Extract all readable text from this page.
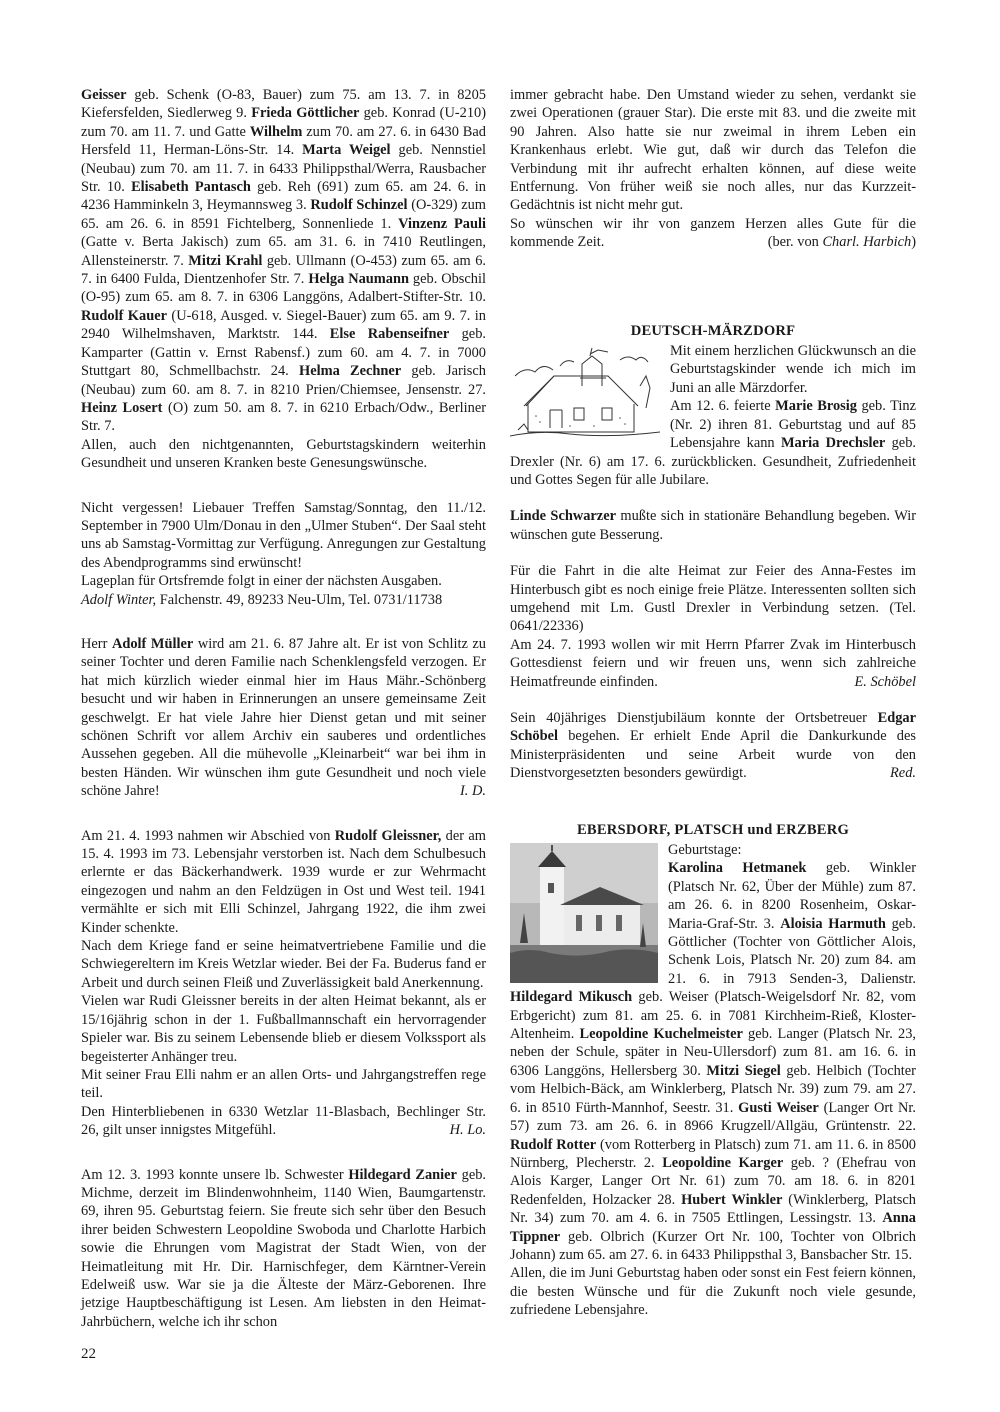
Geisser geb. Schenk (O-83, Bauer) zum 75. am 13. 7. in 8205 Kiefersfelden, Siedlerweg 9. Frieda Göttlicher geb. Konrad (U-210) zum 70. am 11. 7. und Gatte Wilhelm zum 70. am 27. 6. in 6430 Bad Hersfeld 11, Herman-Löns-Str. 14. Marta Weigel geb. Nennstiel (Neubau) zum 70. am 11. 7. in 6433 Philippsthal/Werra, Rausbacher Str. 10. Elisabeth Pantasch geb. Reh (691) zum 65. am 24. 6. in 4236 Hamminkeln 3, Heymannsweg 3. Rudolf Schinzel (O-329) zum 65. am 26. 6. in 8591 Fichtelberg, Sonnenliede 1. Vinzenz Pauli (Gatte v. Berta Jakisch) zum 65. am 31. 6. in 7410 Reutlingen, Allensteinerstr. 7. Mitzi Krahl geb. Ullmann (O-453) zum 65. am 6. 7. in 6400 Fulda, Dientzenhofer Str. 7. Helga Naumann geb. Obschil (O-95) zum 65. am 8. 7. in 6306 Langgöns, Adalbert-Stifter-Str. 10. Rudolf Kauer (U-618, Ausged. v. Siegel-Bauer) zum 65. am 9. 7. in 2940 Wilhelmshaven, Marktstr. 144. Else Rabenseifner geb. Kamparter (Gattin v. Ernst Rabensf.) zum 60. am 4. 7. in 7000 Stuttgart 80, Schmellbachstr. 24. Helma Zechner geb. Jarisch (Neubau) zum 60. am 8. 7. in 8210 Prien/Chiemsee, Jensenstr. 27. Heinz Losert (O) zum 50. am 8. 7. in 6210 Erbach/Odw., Berliner Str. 7.

Allen, auch den nichtgenannten, Geburtstagskindern weiterhin Gesundheit und unseren Kranken beste Genesungswünsche.

Nicht vergessen! Liebauer Treffen Samstag/Sonntag, den 11./12. September in 7900 Ulm/Donau in den „Ulmer Stuben“. Der Saal steht uns ab Samstag-Vormittag zur Verfügung. Anregungen zur Gestaltung des Abendprogramms sind erwünscht!

Lageplan für Ortsfremde folgt in einer der nächsten Ausgaben.

Adolf Winter, Falchenstr. 49, 89233 Neu-Ulm, Tel. 0731/11738

Herr Adolf Müller wird am 21. 6. 87 Jahre alt. Er ist von Schlitz zu seiner Tochter und deren Familie nach Schenklengsfeld verzogen. Er hat mich kürzlich wieder einmal hier im Haus Mähr.-Schönberg besucht und wir haben in Erinnerungen an unsere gemeinsame Zeit geschwelgt. Er hat viele Jahre hier Dienst getan und mit seiner schönen Schrift vor allem Archiv ein sauberes und ordentliches Aussehen gegeben. All die mühevolle „Kleinarbeit“ war bei ihm in besten Händen. Wir wünschen ihm gute Gesundheit und noch viele schöne Jahre!	I. D.

Am 21. 4. 1993 nahmen wir Abschied von Rudolf Gleissner, der am 15. 4. 1993 im 73. Lebensjahr verstorben ist. Nach dem Schulbesuch erlernte er das Bäckerhandwerk. 1939 wurde er zur Wehrmacht eingezogen und nahm an den Feldzügen in Ost und West teil. 1941 vermählte er sich mit Elli Schinzel, Jahrgang 1922, die ihm zwei Kinder schenkte.

Nach dem Kriege fand er seine heimatvertriebene Familie und die Schwiegereltern im Kreis Wetzlar wieder. Bei der Fa. Buderus fand er Arbeit und durch seinen Fleiß und Zuverlässigkeit bald Anerkennung.

Vielen war Rudi Gleissner bereits in der alten Heimat bekannt, als er 15/16jährig schon in der 1. Fußballmannschaft ein hervorragender Spieler war. Bis zu seinem Lebensende blieb er diesem Volkssport als begeisterter Anhänger treu.

Mit seiner Frau Elli nahm er an allen Orts- und Jahrgangstreffen rege teil.

Den Hinterbliebenen in 6330 Wetzlar 11-Blasbach, Bechlinger Str. 26, gilt unser innigstes Mitgefühl.	H. Lo.

Am 12. 3. 1993 konnte unsere lb. Schwester Hildegard Zanier geb. Michme, derzeit im Blindenwohnheim, 1140 Wien, Baumgartenstr. 69, ihren 95. Geburtstag feiern. Sie freute sich sehr über den Besuch ihrer beiden Schwestern Leopoldine Swoboda und Charlotte Harbich sowie die Ehrungen vom Magistrat der Stadt Wien, von der Heimatleitung mit Hr. Dir. Harnischfeger, dem Kärntner-Verein Edelweiß usw. War sie ja die Älteste der März-Geborenen. Ihre jetzige Hauptbeschäftigung ist Lesen. Am liebsten in den Heimat-Jahrbüchern, welche ich ihr schon

immer gebracht habe. Den Umstand wieder zu sehen, verdankt sie zwei Operationen (grauer Star). Die erste mit 83. und die zweite mit 90 Jahren. Also hatte sie nur zweimal in ihrem Leben ein Krankenhaus erlebt. Wie gut, daß wir durch das Telefon die Verbindung mit ihr aufrecht erhalten können, auf diese weite Entfernung. Von früher weiß sie noch alles, nur das Kurzzeit-Gedächtnis ist nicht mehr gut.

So wünschen wir ihr von ganzem Herzen alles Gute für die kommende Zeit.	(ber. von Charl. Harbich)

DEUTSCH-MÄRZDORF

Mit einem herzlichen Glückwunsch an die Geburtstagskinder wende ich mich im Juni an alle Märzdorfer.

Am 12. 6. feierte Marie Brosig geb. Tinz (Nr. 2) ihren 81. Geburtstag und auf 85 Lebensjahre kann Maria Drechsler geb. Drexler (Nr. 6) am 17. 6. zurückblicken. Gesundheit, Zufriedenheit und Gottes Segen für alle Jubilare.

Linde Schwarzer mußte sich in stationäre Behandlung begeben. Wir wünschen gute Besserung.

Für die Fahrt in die alte Heimat zur Feier des Anna-Festes im Hinterbusch gibt es noch einige freie Plätze. Interessenten sollten sich umgehend mit Lm. Gustl Drexler in Verbindung setzen. (Tel. 0641/22336)

Am 24. 7. 1993 wollen wir mit Herrn Pfarrer Zvak im Hinterbusch Gottesdienst feiern und wir freuen uns, wenn sich zahlreiche Heimatfreunde einfinden.	E. Schöbel

Sein 40jähriges Dienstjubiläum konnte der Ortsbetreuer Edgar Schöbel begehen. Er erhielt Ende April die Dankurkunde des Ministerpräsidenten und seine Arbeit wurde von den Dienstvorgesetzten besonders gewürdigt.	Red.

EBERSDORF, PLATSCH und ERZBERG

Geburtstage:

Karolina Hetmanek geb. Winkler (Platsch Nr. 62, Über der Mühle) zum 87. am 26. 6. in 8200 Rosenheim, Oskar-Maria-Graf-Str. 3. Aloisia Harmuth geb. Göttlicher (Tochter von Göttlicher Alois, Schenk Lois, Platsch Nr. 20) zum 84. am 21. 6. in 7913 Senden-3, Dalienstr. Hildegard Mikusch geb. Weiser (Platsch-Weigelsdorf Nr. 82, vom Erbgericht) zum 81. am 25. 6. in 7081 Kirchheim-Rieß, Kloster-Altenheim. Leopoldine Kuchelmeister geb. Langer (Platsch Nr. 23, neben der Schule, später in Neu-Ullersdorf) zum 81. am 16. 6. in 6306 Langgöns, Hellersberg 30. Mitzi Siegel geb. Helbich (Tochter vom Helbich-Bäck, am Winklerberg, Platsch Nr. 39) zum 79. am 27. 6. in 8510 Fürth-Mannhof, Seestr. 31. Gusti Weiser (Langer Ort Nr. 57) zum 73. am 26. 6. in 8966 Krugzell/Allgäu, Grüntenstr. 22. Rudolf Rotter (vom Rotterberg in Platsch) zum 71. am 11. 6. in 8500 Nürnberg, Plecherstr. 2. Leopoldine Karger geb. ? (Ehefrau von Alois Karger, Langer Ort Nr. 61) zum 70. am 18. 6. in 8201 Redenfelden, Holzacker 28. Hubert Winkler (Winklerberg, Platsch Nr. 34) zum 70. am 4. 6. in 7505 Ettlingen, Lessingstr. 13. Anna Tippner geb. Olbrich (Kurzer Ort Nr. 100, Tochter von Olbrich Johann) zum 65. am 27. 6. in 6433 Philippsthal 3, Bansbacher Str. 15.

Allen, die im Juni Geburtstag haben oder sonst ein Fest feiern können, die besten Wünsche und für die Zukunft noch viele gesunde, zufriedene Lebensjahre.

22
